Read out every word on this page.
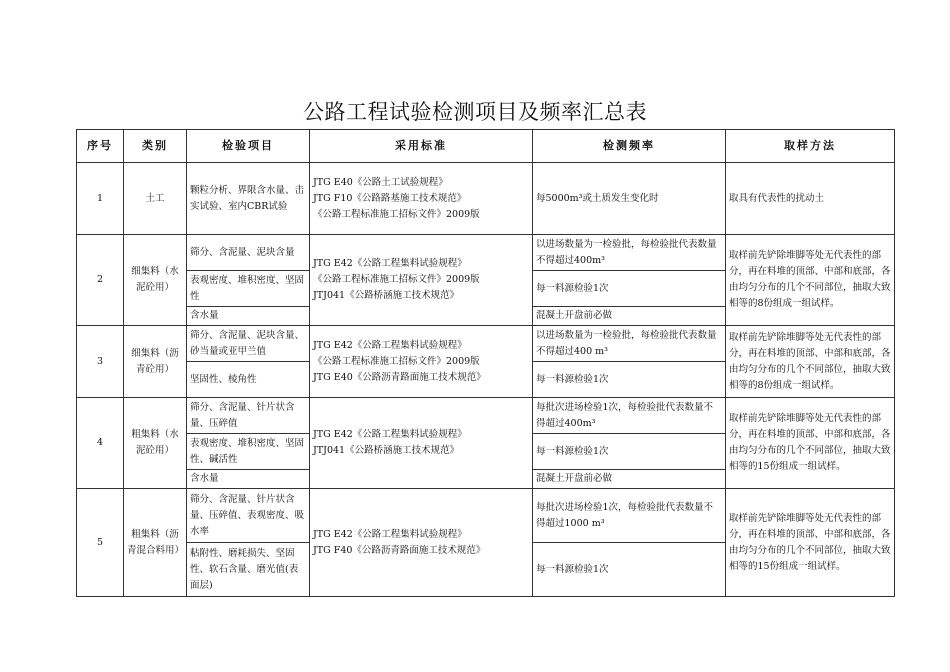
公路工程试验检测项目及频率汇总表
序号	类别	检验项目	采用标准	检测频率	取样方法
1	土工	颗粒分析、界限含水量、击实试验、室内CBR试验	JTG E40《公路土工试验规程》
JTG F10《公路路基施工技术规范》
《公路工程标准施工招标文件》2009版	每5000m³或土质发生变化时	取具有代表性的扰动土
2	细集料（水泥砼用）	筛分、含泥量、泥块含量	JTG E42《公路工程集料试验规程》
《公路工程标准施工招标文件》2009版
JTJ041《公路桥涵施工技术规范》	以进场数量为一检验批，每检验批代表数量不得超过400m³	取样前先铲除堆脚等处无代表性的部分，再在料堆的顶部、中部和底部，各由均匀分布的几个不同部位，抽取大致相等的8份组成一组试样。
		表观密度、堆积密度、坚固性		每一料源检验1次	
		含水量		混凝土开盘前必做	
3	细集料（沥青砼用）	筛分、含泥量、泥块含量、砂当量或亚甲兰值	JTG E42《公路工程集料试验规程》
《公路工程标准施工招标文件》2009版
JTG E40《公路沥青路面施工技术规范》	以进场数量为一检验批，每检验批代表数量不得超过400 m³	取样前先铲除堆脚等处无代表性的部分，再在料堆的顶部、中部和底部，各由均匀分布的几个不同部位，抽取大致相等的8份组成一组试样。
		坚固性、棱角性		每一料源检验1次	
4	粗集料（水泥砼用）	筛分、含泥量、针片状含量、压碎值	JTG E42《公路工程集料试验规程》
JTJ041《公路桥涵施工技术规范》	每批次进场检验1次，每检验批代表数量不得超过400m³	取样前先铲除堆脚等处无代表性的部分，再在料堆的顶部、中部和底部，各由均匀分布的几个不同部位，抽取大致相等的15份组成一组试样。
		表观密度、堆积密度、坚固性、碱活性		每一料源检验1次	
		含水量		混凝土开盘前必做	
5	粗集料（沥青混合料用）	筛分、含泥量、针片状含量、压碎值、表观密度、吸水率	JTG E42《公路工程集料试验规程》
JTG F40《公路沥青路面施工技术规范》	每批次进场检验1次，每检验批代表数量不得超过1000 m³	取样前先铲除堆脚等处无代表性的部分，再在料堆的顶部、中部和底部，各由均匀分布的几个不同部位，抽取大致相等的15份组成一组试样。
		粘附性、磨耗损失、坚固性、软石含量、磨光值(表面层)		每一料源检验1次	
